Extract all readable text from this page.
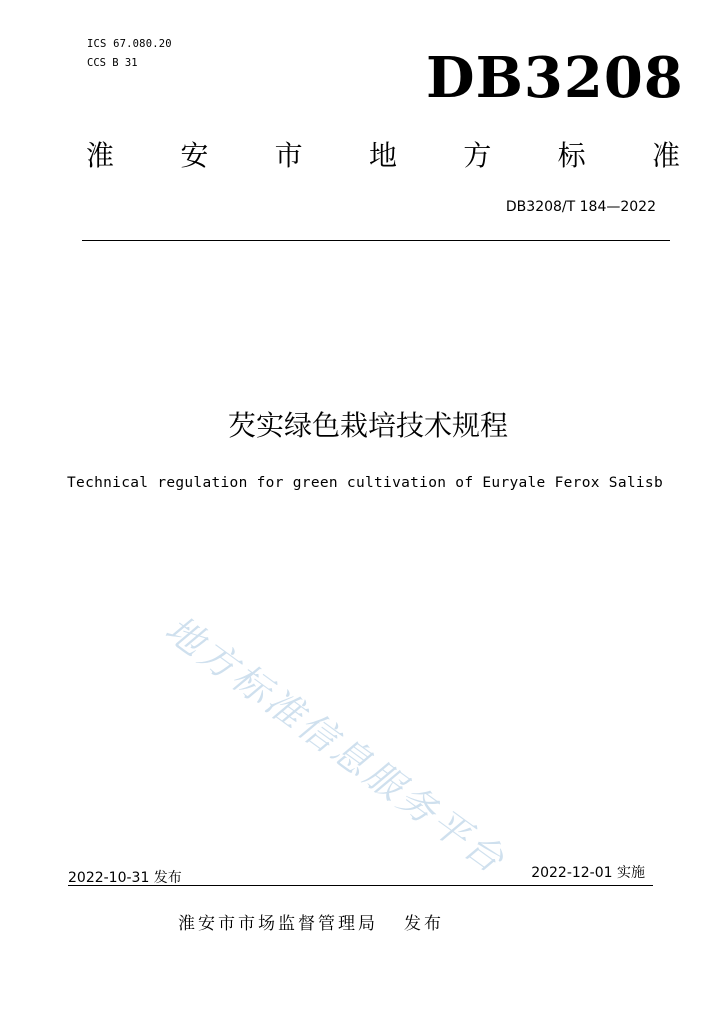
ICS 67.080.20
CCS B 31	DB3208
淮 安 市 地 方 标 准
DB3208/T 184—2022
芡实绿色栽培技术规程
Technical regulation for green cultivation of Euryale Ferox Salisb
地方标准信息服务平台
2022-10-31 发布	2022-12-01 实施
淮安市市场监督管理局 发布
